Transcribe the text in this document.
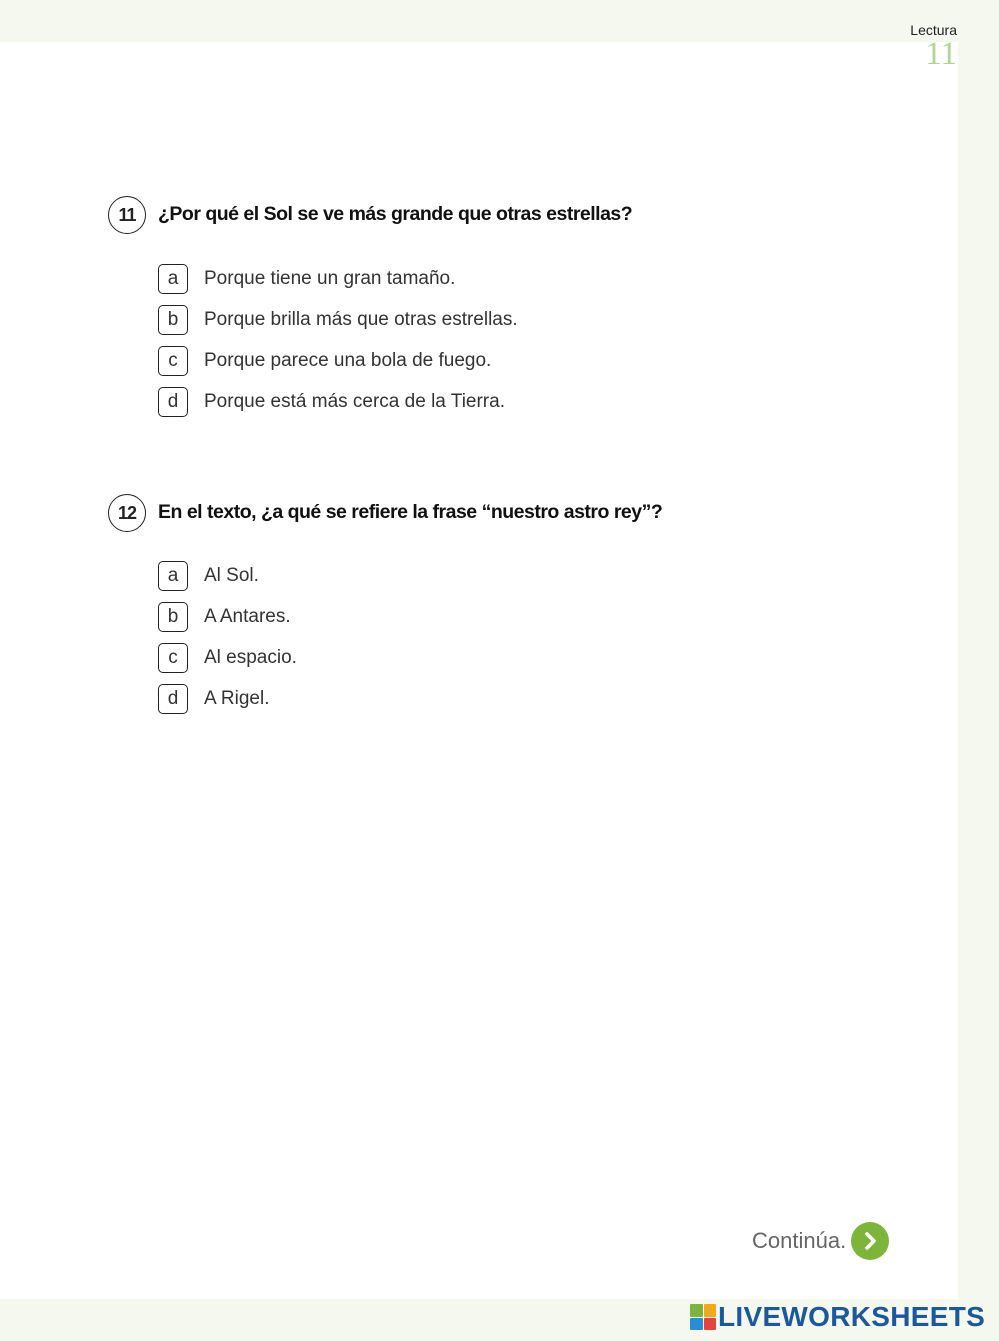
Lectura
11
11	¿Por qué el Sol se ve más grande que otras estrellas?
a	Porque tiene un gran tamaño.
b	Porque brilla más que otras estrellas.
c	Porque parece una bola de fuego.
d	Porque está más cerca de la Tierra.
12	En el texto, ¿a qué se refiere la frase “nuestro astro rey”?
a	Al Sol.
b	A Antares.
c	Al espacio.
d	A Rigel.
Continúa.
LIVEWORKSHEETS
